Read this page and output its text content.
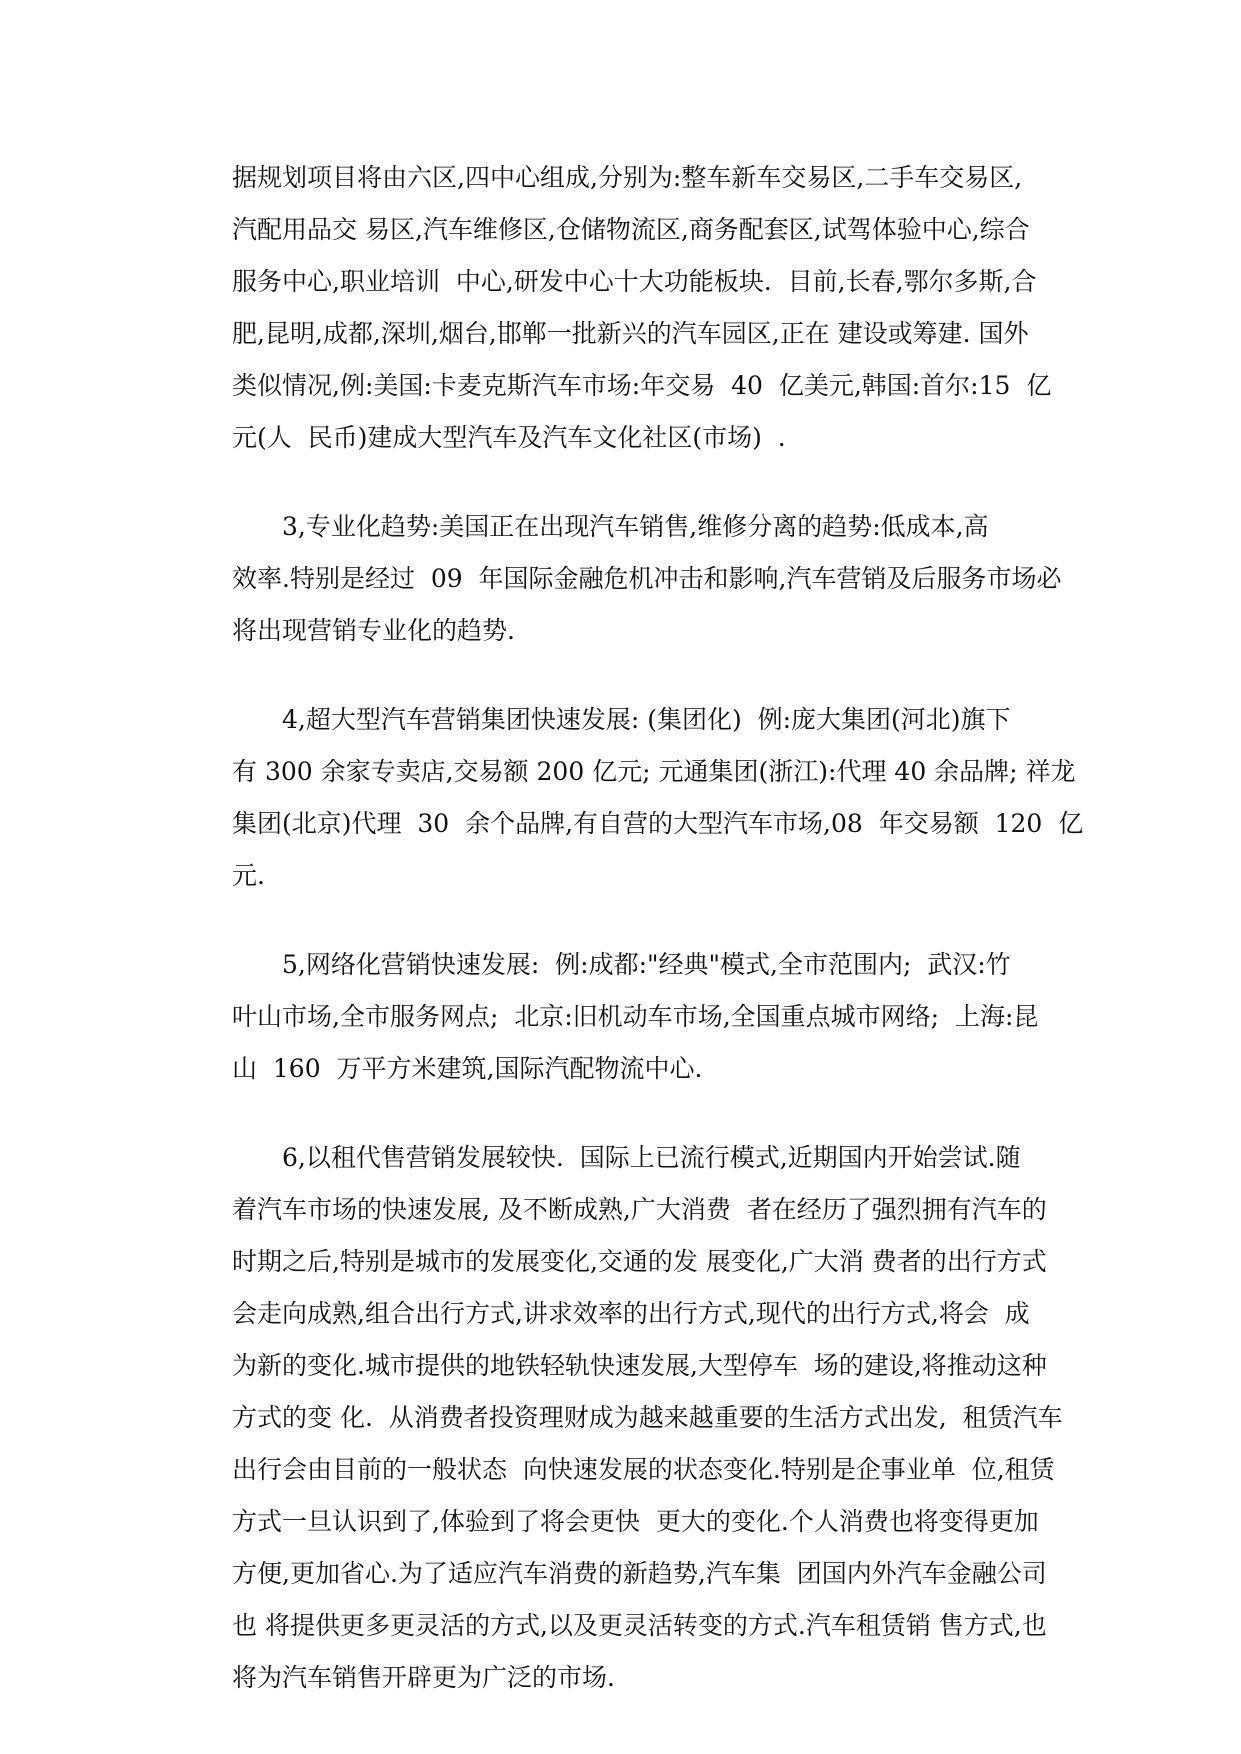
据规划项目将由六区,四中心组成,分别为:整车新车交易区,二手车交易区,
汽配用品交 易区,汽车维修区,仓储物流区,商务配套区,试驾体验中心,综合
服务中心,职业培训  中心,研发中心十大功能板块.  目前,长春,鄂尔多斯,合
肥,昆明,成都,深圳,烟台,邯郸一批新兴的汽车园区,正在 建设或筹建. 国外
类似情况,例:美国:卡麦克斯汽车市场:年交易  40  亿美元,韩国:首尔:15  亿
元(人  民币)建成大型汽车及汽车文化社区(市场)  .
3,专业化趋势:美国正在出现汽车销售,维修分离的趋势:低成本,高
效率.特别是经过  09  年国际金融危机冲击和影响,汽车营销及后服务市场必
将出现营销专业化的趋势.
4,超大型汽车营销集团快速发展: (集团化)  例:庞大集团(河北)旗下
有 300 余家专卖店,交易额 200 亿元; 元通集团(浙江):代理 40 余品牌; 祥龙
集团(北京)代理  30  余个品牌,有自营的大型汽车市场,08  年交易额  120  亿
元.
5,网络化营销快速发展:  例:成都:"经典"模式,全市范围内;  武汉:竹
叶山市场,全市服务网点;  北京:旧机动车市场,全国重点城市网络;  上海:昆
山  160  万平方米建筑,国际汽配物流中心.
6,以租代售营销发展较快.  国际上已流行模式,近期国内开始尝试.随
着汽车市场的快速发展, 及不断成熟,广大消费  者在经历了强烈拥有汽车的
时期之后,特别是城市的发展变化,交通的发 展变化,广大消 费者的出行方式
会走向成熟,组合出行方式,讲求效率的出行方式,现代的出行方式,将会  成
为新的变化.城市提供的地铁轻轨快速发展,大型停车  场的建设,将推动这种
方式的变 化.  从消费者投资理财成为越来越重要的生活方式出发,  租赁汽车
出行会由目前的一般状态  向快速发展的状态变化.特别是企事业单  位,租赁
方式一旦认识到了,体验到了将会更快  更大的变化.个人消费也将变得更加
方便,更加省心.为了适应汽车消费的新趋势,汽车集  团国内外汽车金融公司
也 将提供更多更灵活的方式,以及更灵活转变的方式.汽车租赁销 售方式,也
将为汽车销售开辟更为广泛的市场.
